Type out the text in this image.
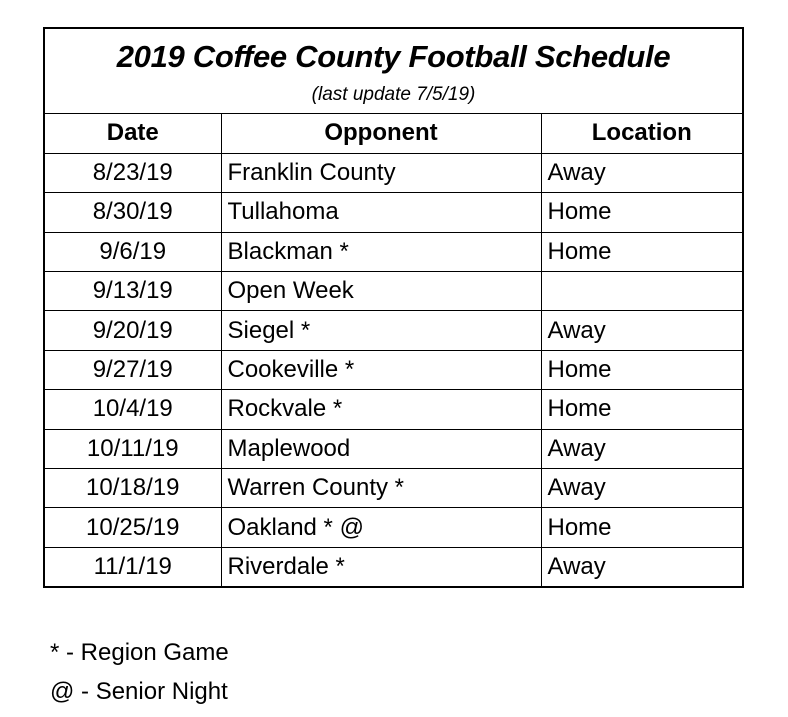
2019 Coffee County Football Schedule
(last update 7/5/19)
Date	Opponent	Location
8/23/19	Franklin County	Away
8/30/19	Tullahoma	Home
9/6/19	Blackman *	Home
9/13/19	Open Week	
9/20/19	Siegel *	Away
9/27/19	Cookeville *	Home
10/4/19	Rockvale *	Home
10/11/19	Maplewood	Away
10/18/19	Warren County *	Away
10/25/19	Oakland * @	Home
11/1/19	Riverdale *	Away
* - Region Game
@ - Senior Night
